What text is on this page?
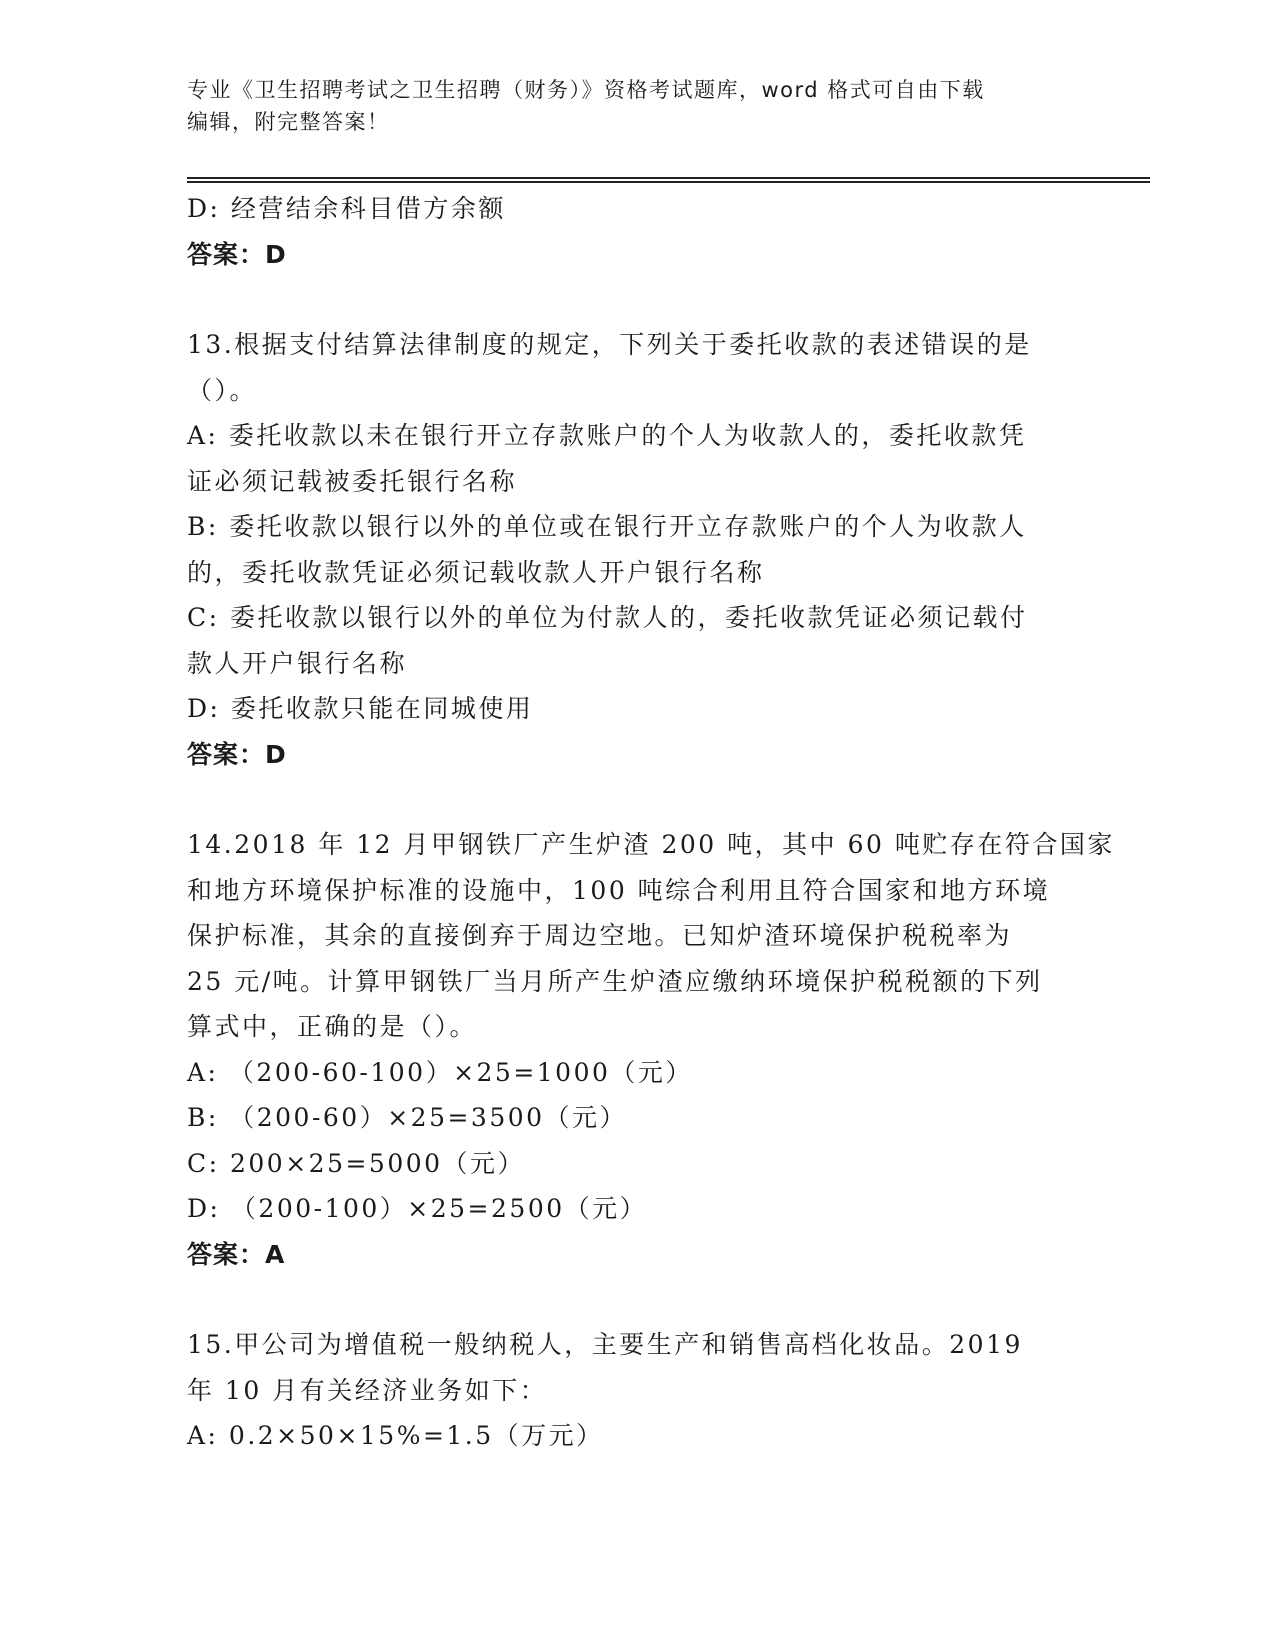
专业《卫生招聘考试之卫生招聘（财务）》资格考试题库，word 格式可自由下载
编辑，附完整答案！
D: 经营结余科目借方余额
答案：D
13.根据支付结算法律制度的规定，下列关于委托收款的表述错误的是
（）。
A: 委托收款以未在银行开立存款账户的个人为收款人的，委托收款凭
证必须记载被委托银行名称
B: 委托收款以银行以外的单位或在银行开立存款账户的个人为收款人
的，委托收款凭证必须记载收款人开户银行名称
C: 委托收款以银行以外的单位为付款人的，委托收款凭证必须记载付
款人开户银行名称
D: 委托收款只能在同城使用
答案：D
14.2018 年 12 月甲钢铁厂产生炉渣 200 吨，其中 60 吨贮存在符合国家
和地方环境保护标准的设施中，100 吨综合利用且符合国家和地方环境
保护标准，其余的直接倒弃于周边空地。已知炉渣环境保护税税率为
25 元/吨。计算甲钢铁厂当月所产生炉渣应缴纳环境保护税税额的下列
算式中，正确的是（）。
A: （200-60-100）×25=1000（元）
B: （200-60）×25=3500（元）
C: 200×25=5000（元）
D: （200-100）×25=2500（元）
答案：A
15.甲公司为增值税一般纳税人，主要生产和销售高档化妆品。2019
年 10 月有关经济业务如下：
A: 0.2×50×15%=1.5（万元）
